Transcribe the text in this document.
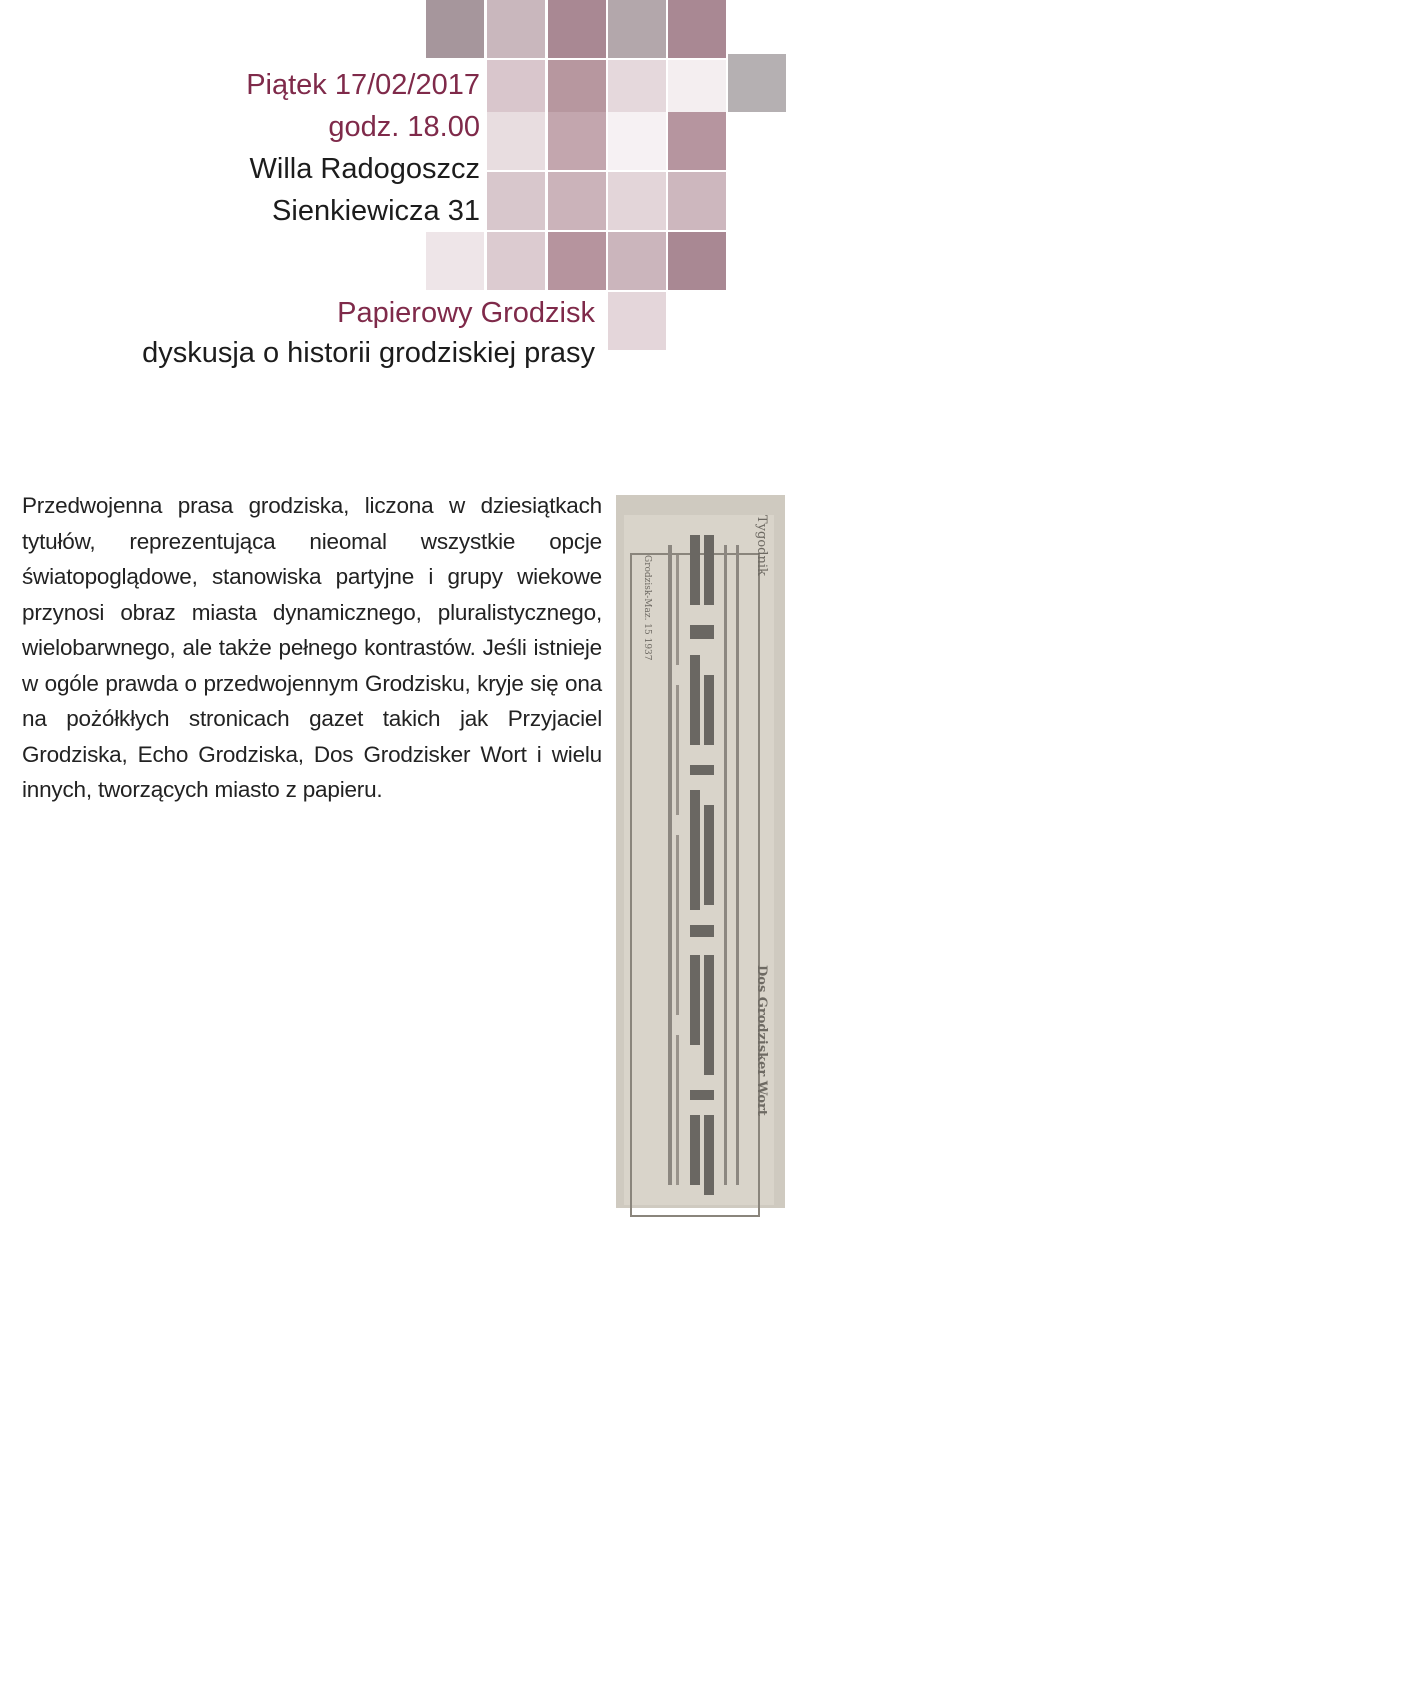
Piątek 17/02/2017
godz. 18.00
Willa Radogoszcz
Sienkiewicza 31
Papierowy Grodzisk
dyskusja o historii grodziskiej prasy
Przedwojenna prasa grodziska, liczona w dziesiątkach tytułów, reprezentująca nieomal wszystkie opcje światopoglądowe, stanowiska partyjne i grupy wiekowe przynosi obraz miasta dynamicznego, pluralistycznego, wielobarwnego, ale także pełnego kontrastów. Jeśli istnieje w ogóle prawda o przedwojennym Grodzisku, kryje się ona na pożółkłych stronicach gazet takich jak Przyjaciel Grodziska, Echo Grodziska, Dos Grodzisker Wort i wielu innych, tworzących miasto z papieru.
Grodzisk-Maz. 15 1937
Tygodnik
Dos Grodzisker Wort
BIEKTYWNA
GAZETA INTERNETOWA
